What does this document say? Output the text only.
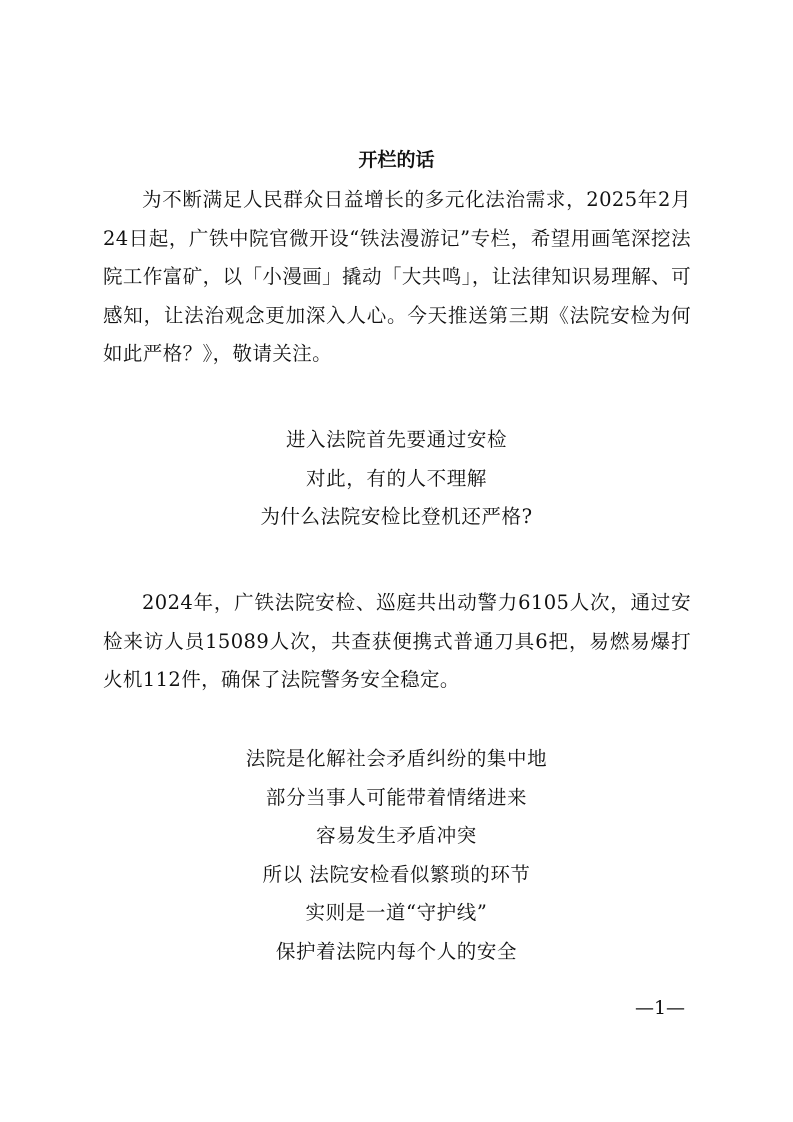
开栏的话

为不断满足人民群众日益增长的多元化法治需求，2025年2月24日起，广铁中院官微开设“铁法漫游记”专栏，希望用画笔深挖法院工作富矿，以「小漫画」撬动「大共鸣」，让法律知识易理解、可感知，让法治观念更加深入人心。今天推送第三期《法院安检为何如此严格？》，敬请关注。

进入法院首先要通过安检
对此，有的人不理解
为什么法院安检比登机还严格?

2024年，广铁法院安检、巡庭共出动警力6105人次，通过安检来访人员15089人次，共查获便携式普通刀具6把，易燃易爆打火机112件，确保了法院警务安全稳定。

法院是化解社会矛盾纠纷的集中地
部分当事人可能带着情绪进来
容易发生矛盾冲突
所以 法院安检看似繁琐的环节
实则是一道“守护线”
保护着法院内每个人的安全
—1—
